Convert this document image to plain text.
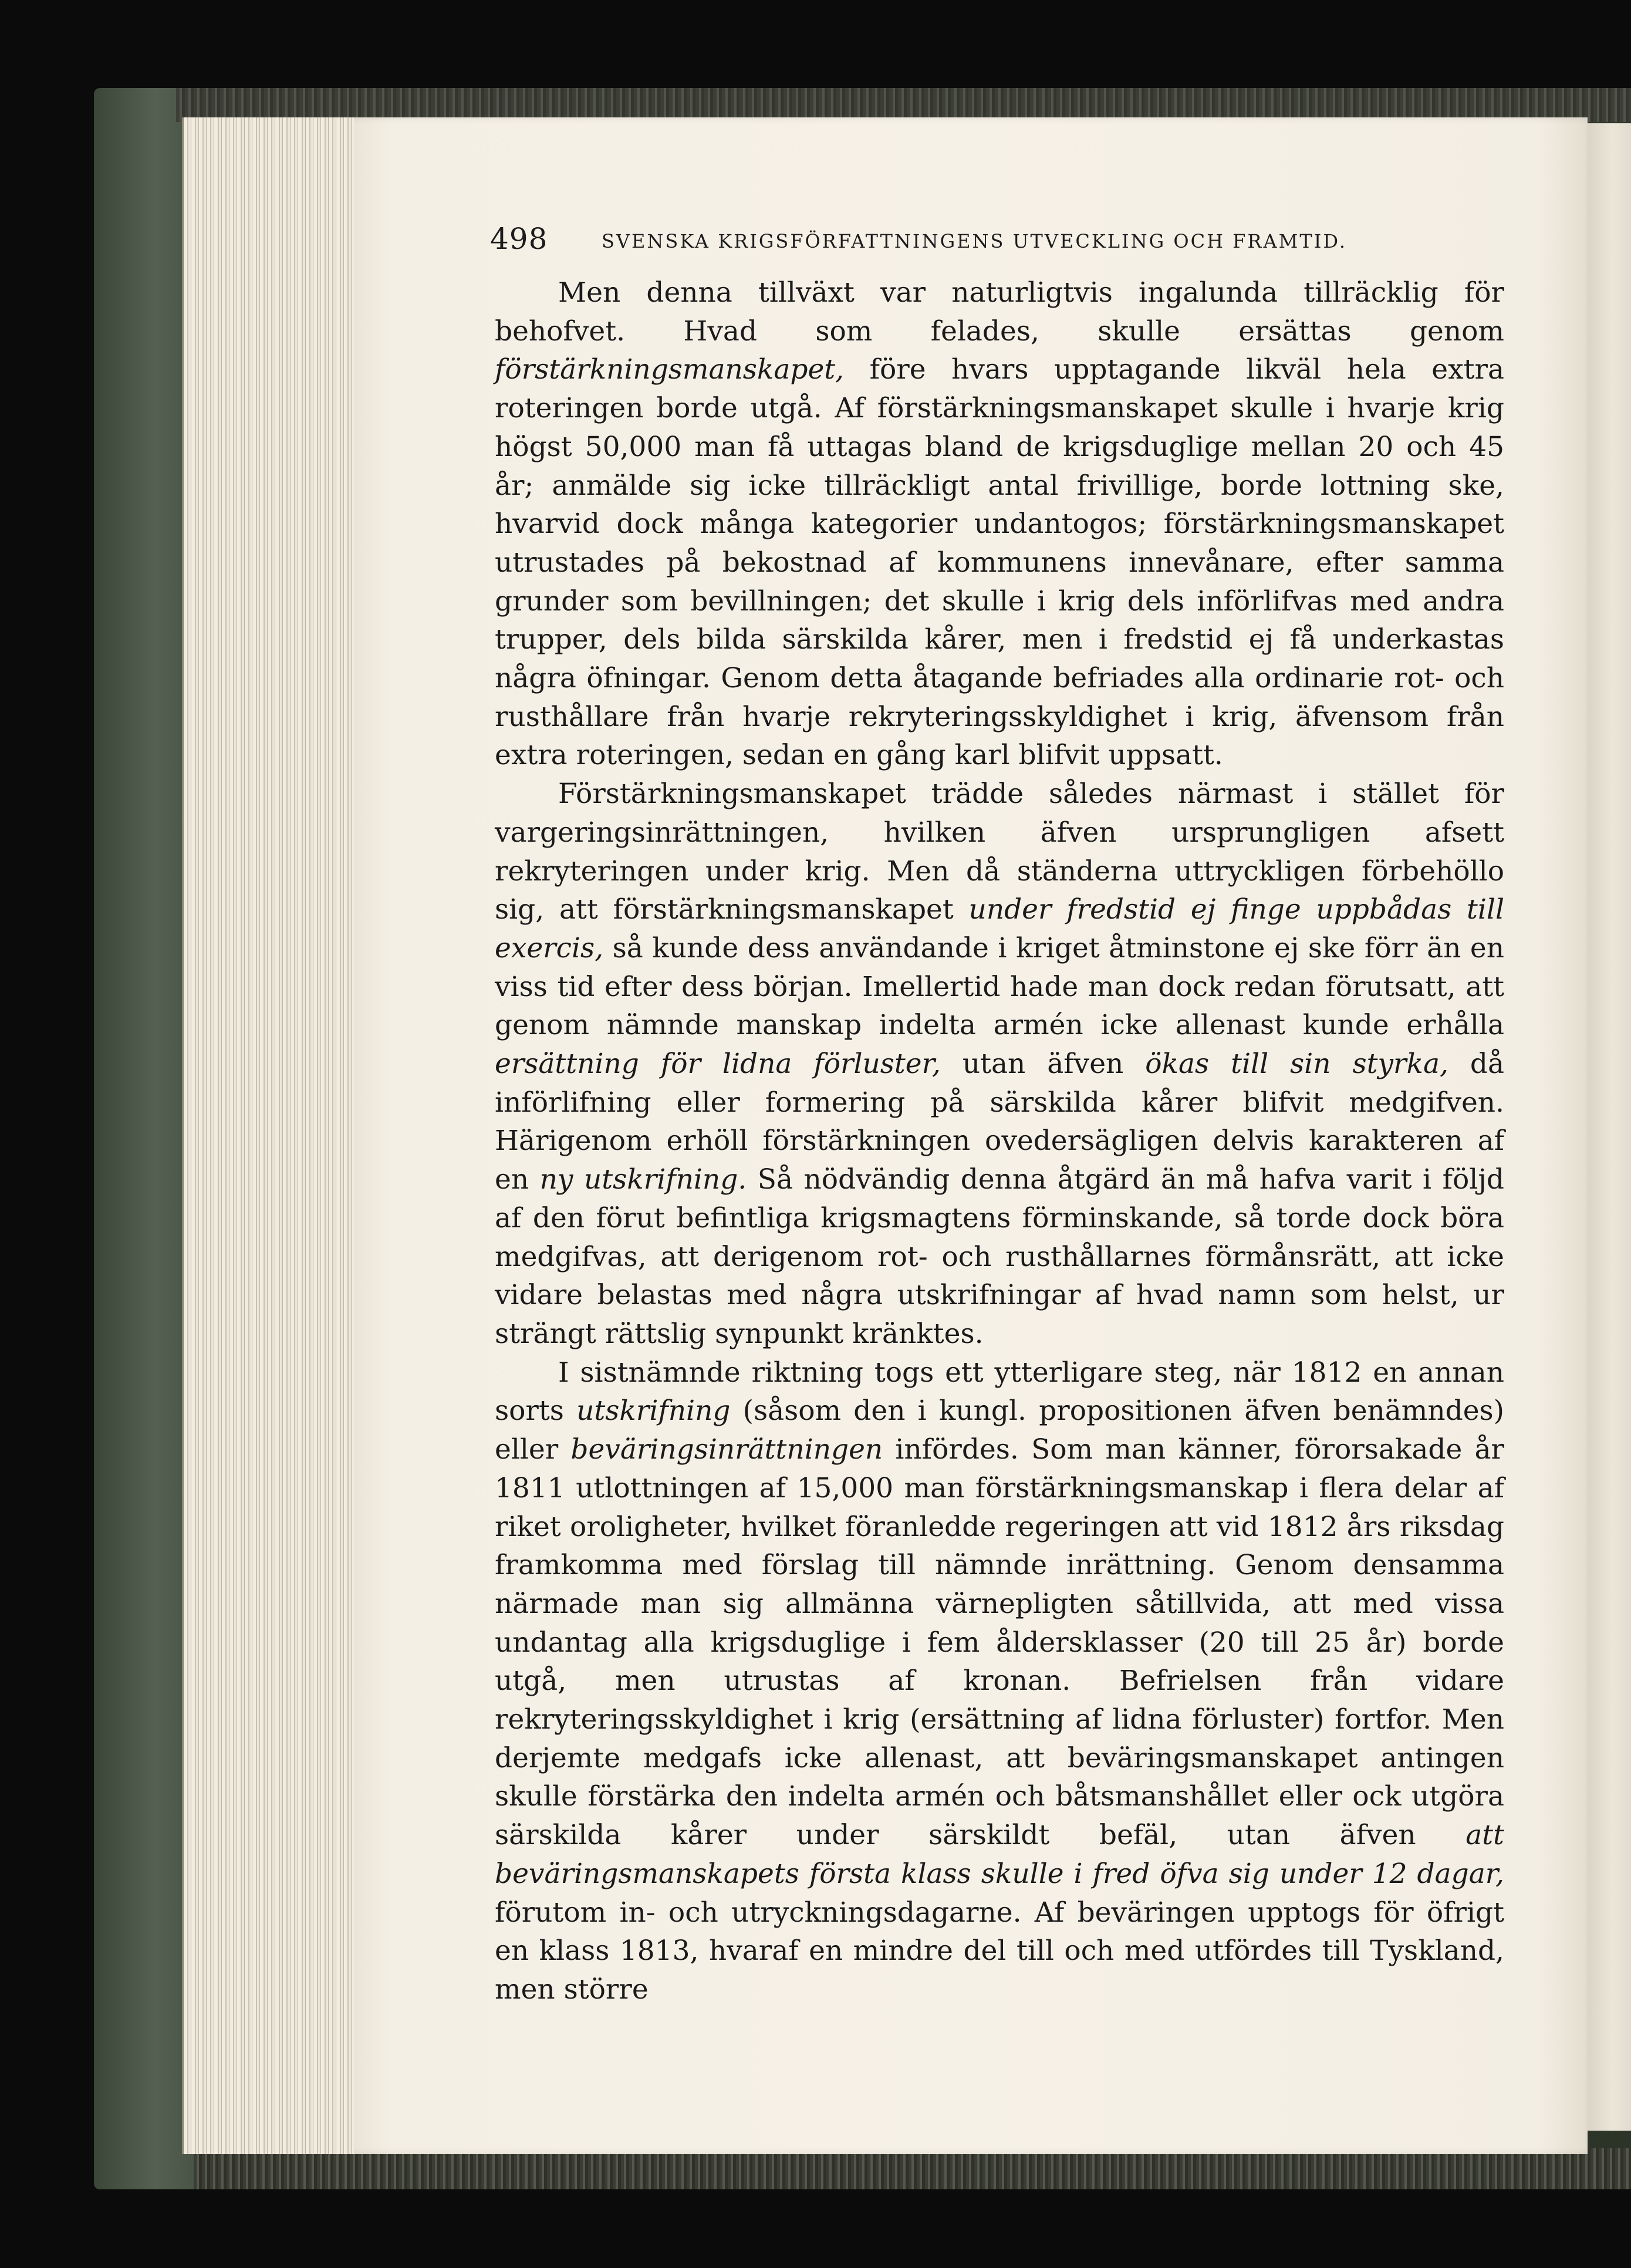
498	SVENSKA KRIGSFÖRFATTNINGENS UTVECKLING OCH FRAMTID.

Men denna tillväxt var naturligtvis ingalunda tillräcklig för behofvet. Hvad som felades, skulle ersättas genom förstärkningsmanskapet, före hvars upptagande likväl hela extra roteringen borde utgå. Af förstärkningsmanskapet skulle i hvarje krig högst 50,000 man få uttagas bland de krigsduglige mellan 20 och 45 år; anmälde sig icke tillräckligt antal frivillige, borde lottning ske, hvarvid dock många kategorier undantogos; förstärkningsmanskapet utrustades på bekostnad af kommunens innevånare, efter samma grunder som bevillningen; det skulle i krig dels införlifvas med andra trupper, dels bilda särskilda kårer, men i fredstid ej få underkastas några öfningar. Genom detta åtagande befriades alla ordinarie rot- och rusthållare från hvarje rekryteringsskyldighet i krig, äfvensom från extra roteringen, sedan en gång karl blifvit uppsatt.

Förstärkningsmanskapet trädde således närmast i stället för vargeringsinrättningen, hvilken äfven ursprungligen afsett rekryteringen under krig. Men då ständerna uttryckligen förbehöllo sig, att förstärkningsmanskapet under fredstid ej finge uppbådas till exercis, så kunde dess användande i kriget åtminstone ej ske förr än en viss tid efter dess början. Imellertid hade man dock redan förutsatt, att genom nämnde manskap indelta armén icke allenast kunde erhålla ersättning för lidna förluster, utan äfven ökas till sin styrka, då införlifning eller formering på särskilda kårer blifvit medgifven. Härigenom erhöll förstärkningen ovedersägligen delvis karakteren af en ny utskrifning. Så nödvändig denna åtgärd än må hafva varit i följd af den förut befintliga krigsmagtens förminskande, så torde dock böra medgifvas, att derigenom rot- och rusthållarnes förmånsrätt, att icke vidare belastas med några utskrifningar af hvad namn som helst, ur strängt rättslig synpunkt kränktes.

I sistnämnde riktning togs ett ytterligare steg, när 1812 en annan sorts utskrifning (såsom den i kungl. propositionen äfven benämndes) eller beväringsinrättningen infördes. Som man känner, förorsakade år 1811 utlottningen af 15,000 man förstärkningsmanskap i flera delar af riket oroligheter, hvilket föranledde regeringen att vid 1812 års riksdag framkomma med förslag till nämnde inrättning. Genom densamma närmade man sig allmänna värnepligten såtillvida, att med vissa undantag alla krigsduglige i fem åldersklasser (20 till 25 år) borde utgå, men utrustas af kronan. Befrielsen från vidare rekryteringsskyldighet i krig (ersättning af lidna förluster) fortfor. Men derjemte medgafs icke allenast, att beväringsmanskapet antingen skulle förstärka den indelta armén och båtsmanshållet eller ock utgöra särskilda kårer under särskildt befäl, utan äfven att beväringsmanskapets första klass skulle i fred öfva sig under 12 dagar, förutom in- och utryckningsdagarne. Af beväringen upptogs för öfrigt en klass 1813, hvaraf en mindre del till och med utfördes till Tyskland, men större
